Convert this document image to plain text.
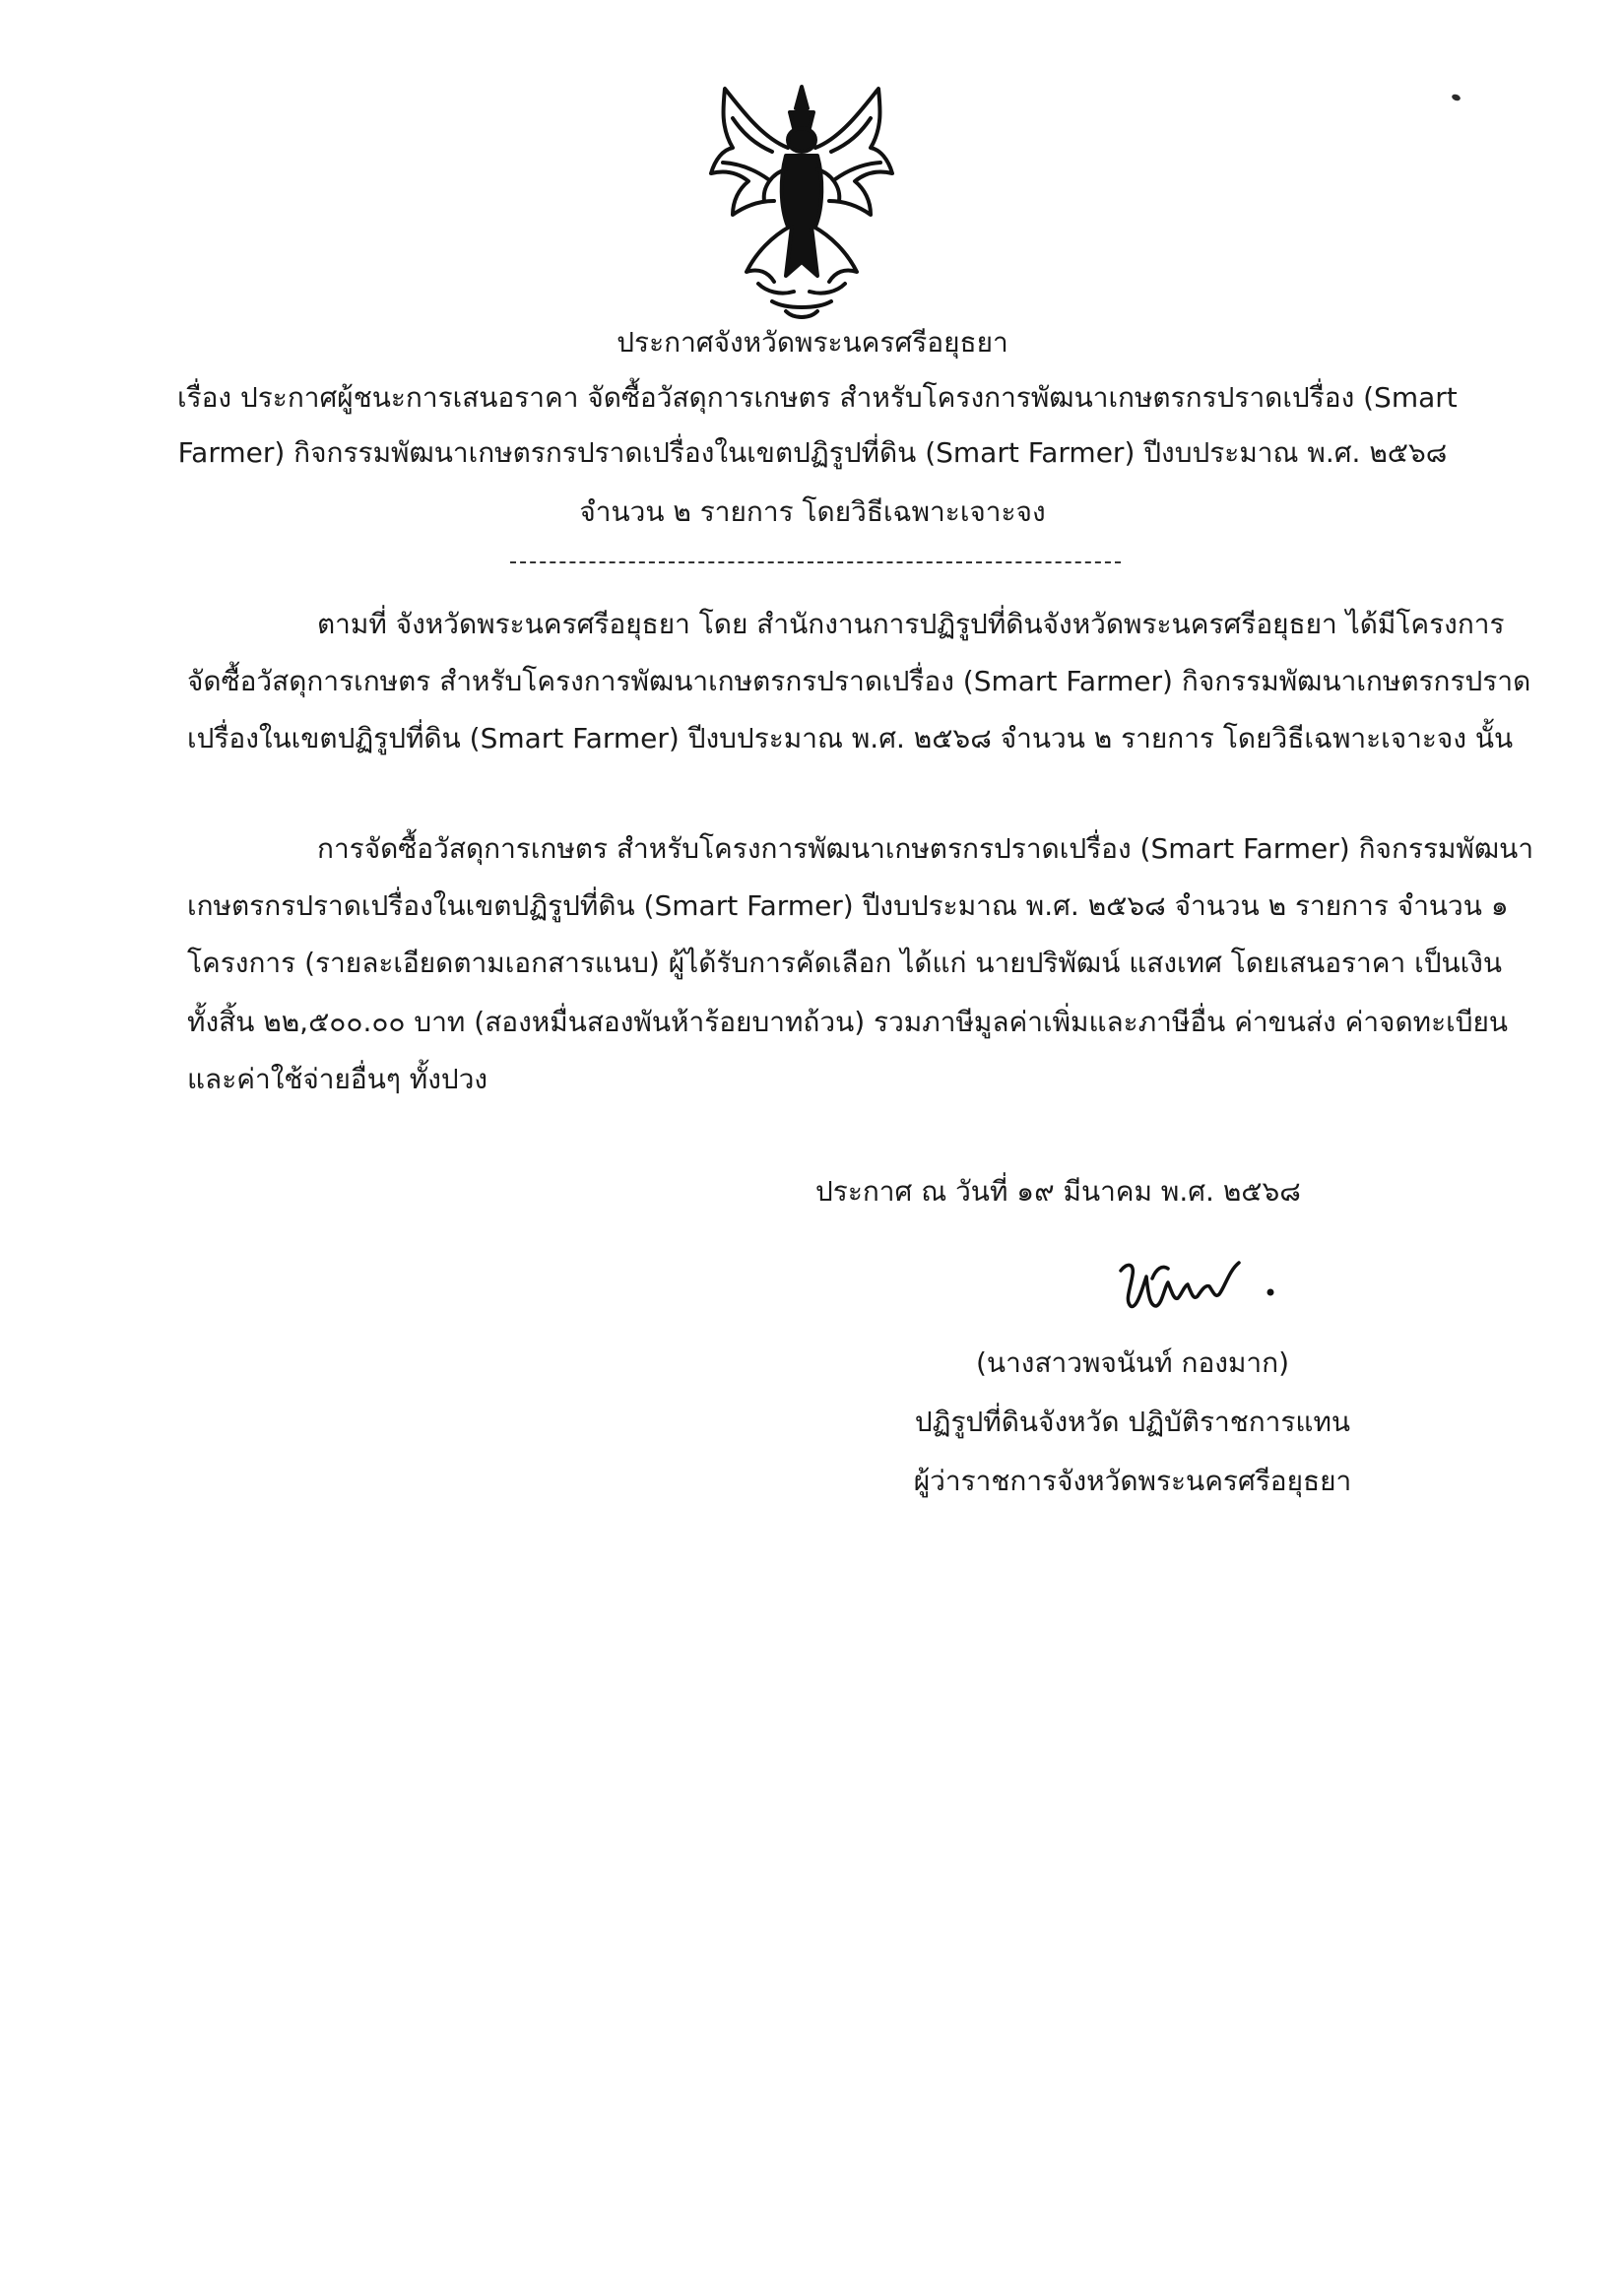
ประกาศจังหวัดพระนครศรีอยุธยา
เรื่อง ประกาศผู้ชนะการเสนอราคา จัดซื้อวัสดุการเกษตร สำหรับโครงการพัฒนาเกษตรกรปราดเปรื่อง (Smart
Farmer) กิจกรรมพัฒนาเกษตรกรปราดเปรื่องในเขตปฏิรูปที่ดิน (Smart Farmer) ปีงบประมาณ พ.ศ. ๒๕๖๘
จำนวน ๒ รายการ โดยวิธีเฉพาะเจาะจง
ตามที่ จังหวัดพระนครศรีอยุธยา โดย สำนักงานการปฏิรูปที่ดินจังหวัดพระนครศรีอยุธยา ได้มีโครงการ
จัดซื้อวัสดุการเกษตร สำหรับโครงการพัฒนาเกษตรกรปราดเปรื่อง (Smart Farmer) กิจกรรมพัฒนาเกษตรกรปราด
เปรื่องในเขตปฏิรูปที่ดิน (Smart Farmer) ปีงบประมาณ พ.ศ. ๒๕๖๘ จำนวน ๒ รายการ โดยวิธีเฉพาะเจาะจง นั้น
การจัดซื้อวัสดุการเกษตร สำหรับโครงการพัฒนาเกษตรกรปราดเปรื่อง (Smart Farmer) กิจกรรมพัฒนา
เกษตรกรปราดเปรื่องในเขตปฏิรูปที่ดิน (Smart Farmer) ปีงบประมาณ พ.ศ. ๒๕๖๘ จำนวน ๒ รายการ จำนวน ๑
โครงการ (รายละเอียดตามเอกสารแนบ) ผู้ได้รับการคัดเลือก ได้แก่ นายปริพัฒน์ แสงเทศ โดยเสนอราคา เป็นเงิน
ทั้งสิ้น ๒๒,๕๐๐.๐๐ บาท (สองหมื่นสองพันห้าร้อยบาทถ้วน) รวมภาษีมูลค่าเพิ่มและภาษีอื่น ค่าขนส่ง ค่าจดทะเบียน
และค่าใช้จ่ายอื่นๆ ทั้งปวง
ประกาศ ณ วันที่ ๑๙ มีนาคม พ.ศ. ๒๕๖๘
(นางสาวพจนันท์ กองมาก)
ปฏิรูปที่ดินจังหวัด ปฏิบัติราชการแทน
ผู้ว่าราชการจังหวัดพระนครศรีอยุธยา
